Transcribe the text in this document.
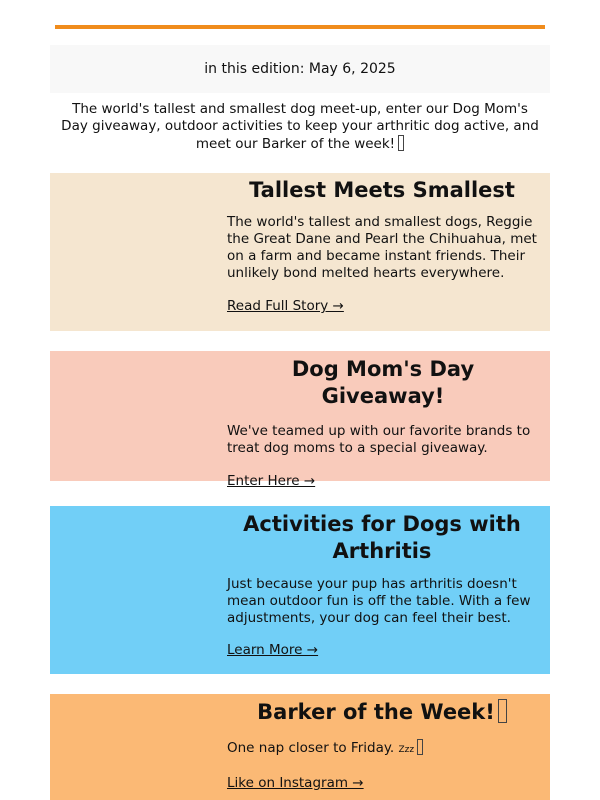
in this edition: May 6, 2025
The world's tallest and smallest dog meet-up, enter our Dog Mom's Day giveaway, outdoor activities to keep your arthritic dog active, and meet our Barker of the week!
Tallest Meets Smallest

The world's tallest and smallest dogs, Reggie the Great Dane and Pearl the Chihuahua, met on a farm and became instant friends. Their unlikely bond melted hearts everywhere.

Read Full Story →
Dog Mom's Day Giveaway!

We've teamed up with our favorite brands to treat dog moms to a special giveaway.

Enter Here →
Activities for Dogs with Arthritis

Just because your pup has arthritis doesn't mean outdoor fun is off the table. With a few adjustments, your dog can feel their best.

Learn More →
Barker of the Week!

One nap closer to Friday. Zzz

Like on Instagram →
